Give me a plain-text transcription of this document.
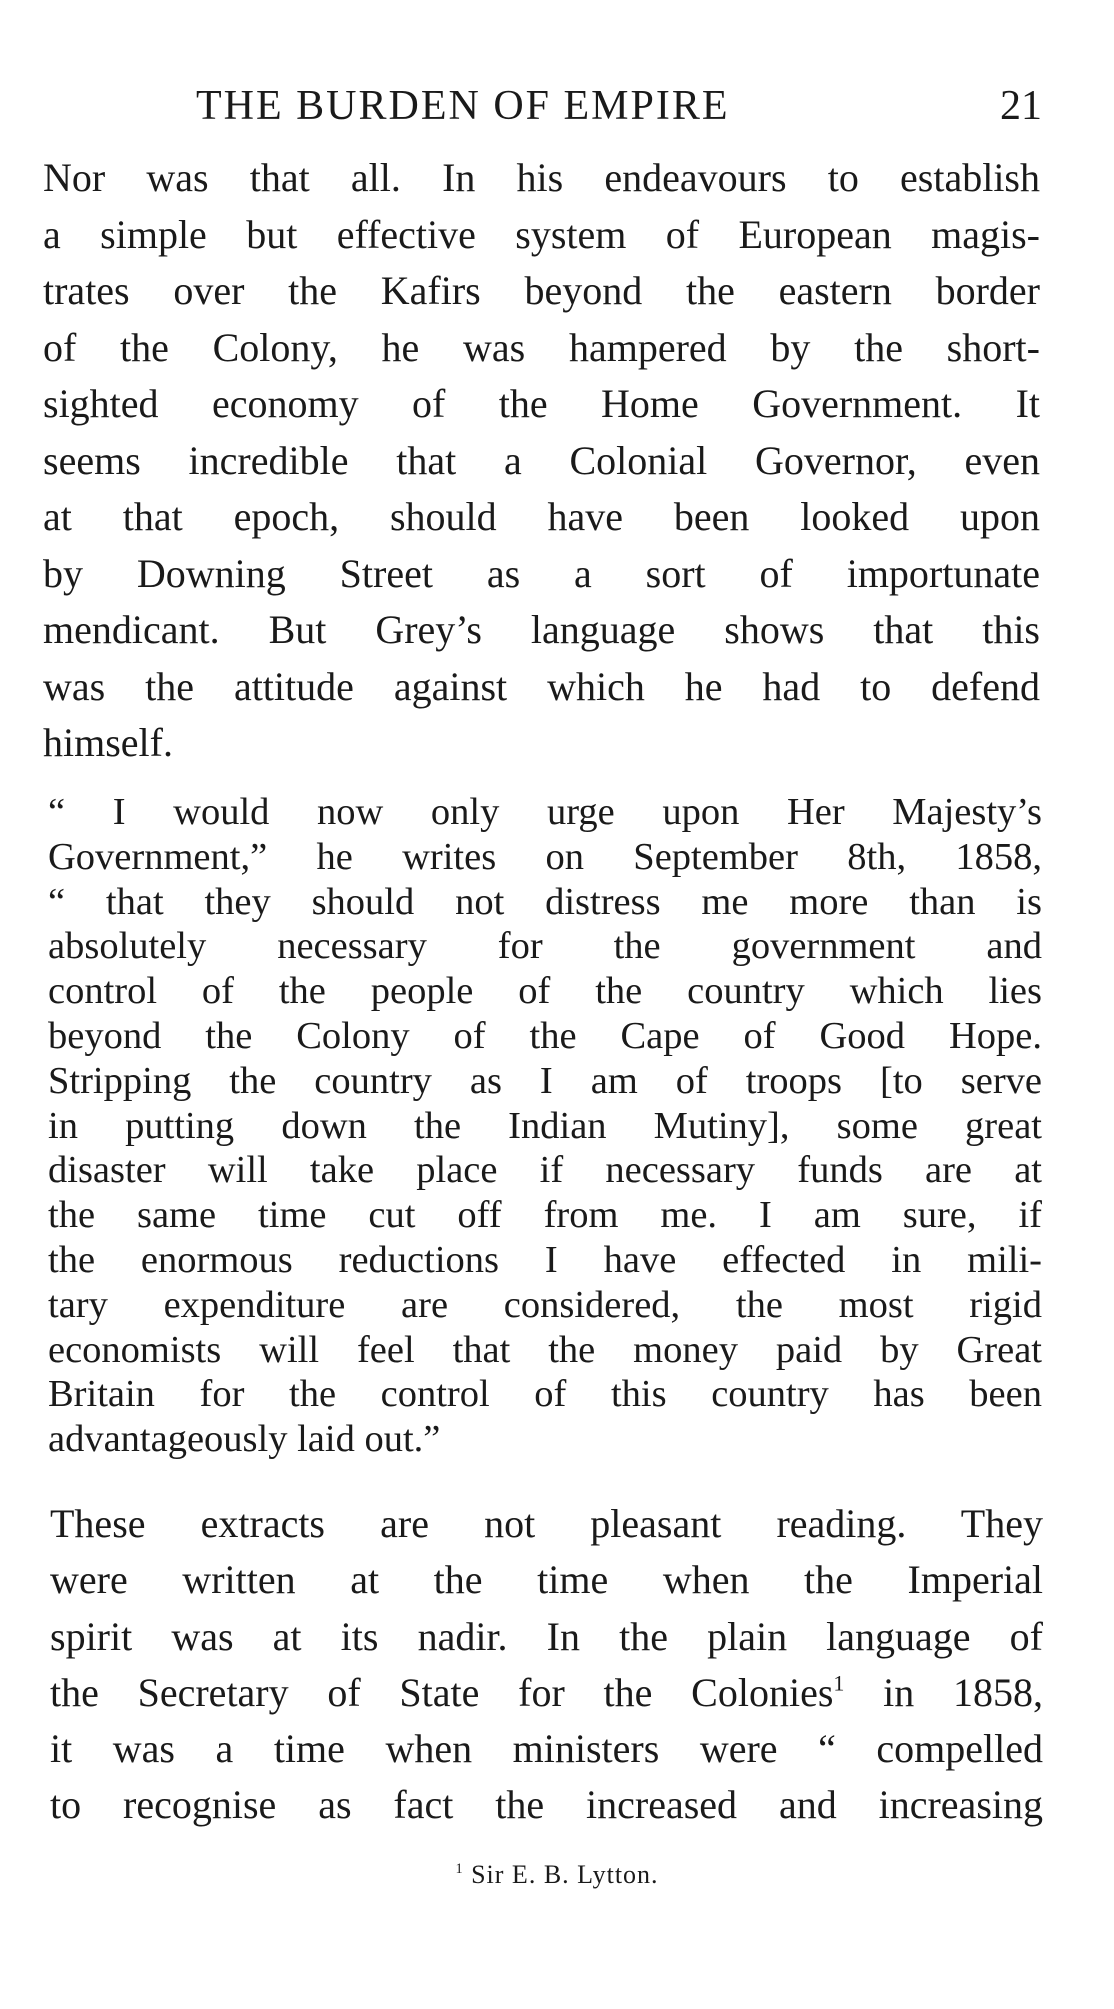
THE BURDEN OF EMPIRE	21
Nor was that all. In his endeavours to establish
a simple but effective system of European magis-
trates over the Kafirs beyond the eastern border
of the Colony, he was hampered by the short-
sighted economy of the Home Government. It
seems incredible that a Colonial Governor, even
at that epoch, should have been looked upon
by Downing Street as a sort of importunate
mendicant. But Grey’s language shows that this
was the attitude against which he had to defend
himself.
“ I would now only urge upon Her Majesty’s
Government,” he writes on September 8th, 1858,
“ that they should not distress me more than is
absolutely necessary for the government and
control of the people of the country which lies
beyond the Colony of the Cape of Good Hope.
Stripping the country as I am of troops [to serve
in putting down the Indian Mutiny], some great
disaster will take place if necessary funds are at
the same time cut off from me. I am sure, if
the enormous reductions I have effected in mili-
tary expenditure are considered, the most rigid
economists will feel that the money paid by Great
Britain for the control of this country has been
advantageously laid out.”
These extracts are not pleasant reading. They
were written at the time when the Imperial
spirit was at its nadir. In the plain language of
the Secretary of State for the Colonies$^1$ in 1858,
it was a time when ministers were “ compelled
to recognise as fact the increased and increasing
$^1$ Sir E. B. Lytton.
